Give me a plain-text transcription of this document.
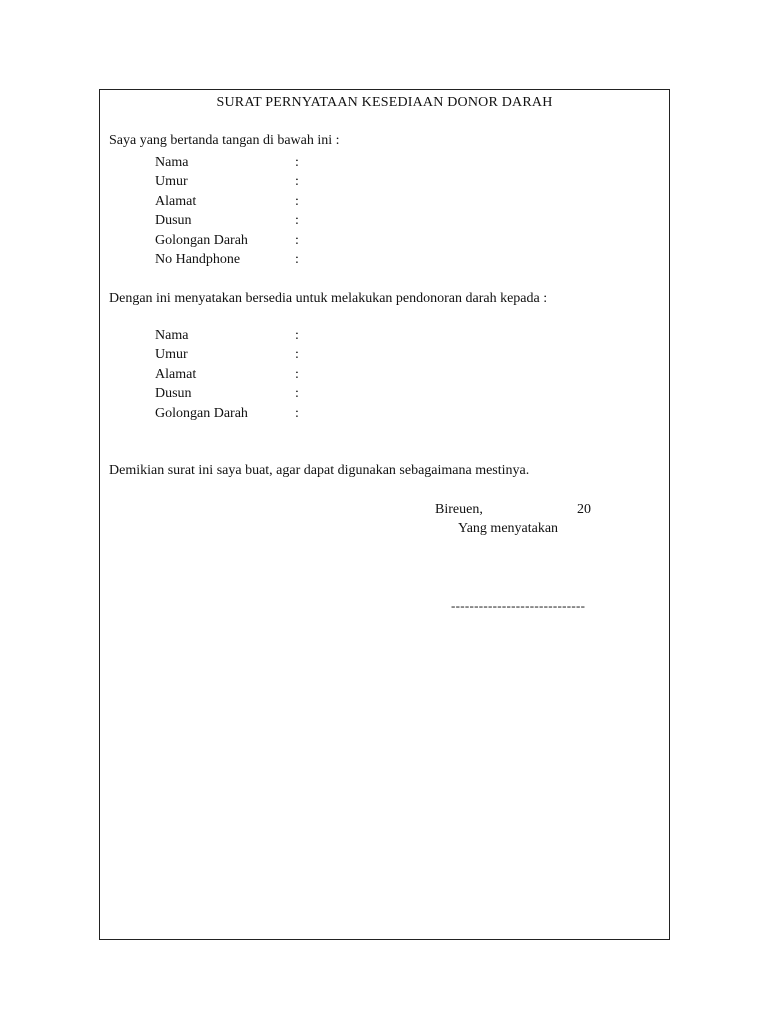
SURAT PERNYATAAN KESEDIAAN DONOR DARAH
Saya yang bertanda tangan di bawah ini :
Nama	:
Umur	:
Alamat	:
Dusun	:
Golongan Darah	:
No Handphone	:
Dengan ini menyatakan bersedia untuk melakukan pendonoran darah kepada :
Nama	:
Umur	:
Alamat	:
Dusun	:
Golongan Darah	:
Demikian surat ini saya buat, agar dapat digunakan sebagaimana mestinya.
Bireuen,	20
Yang menyatakan
-----------------------------
